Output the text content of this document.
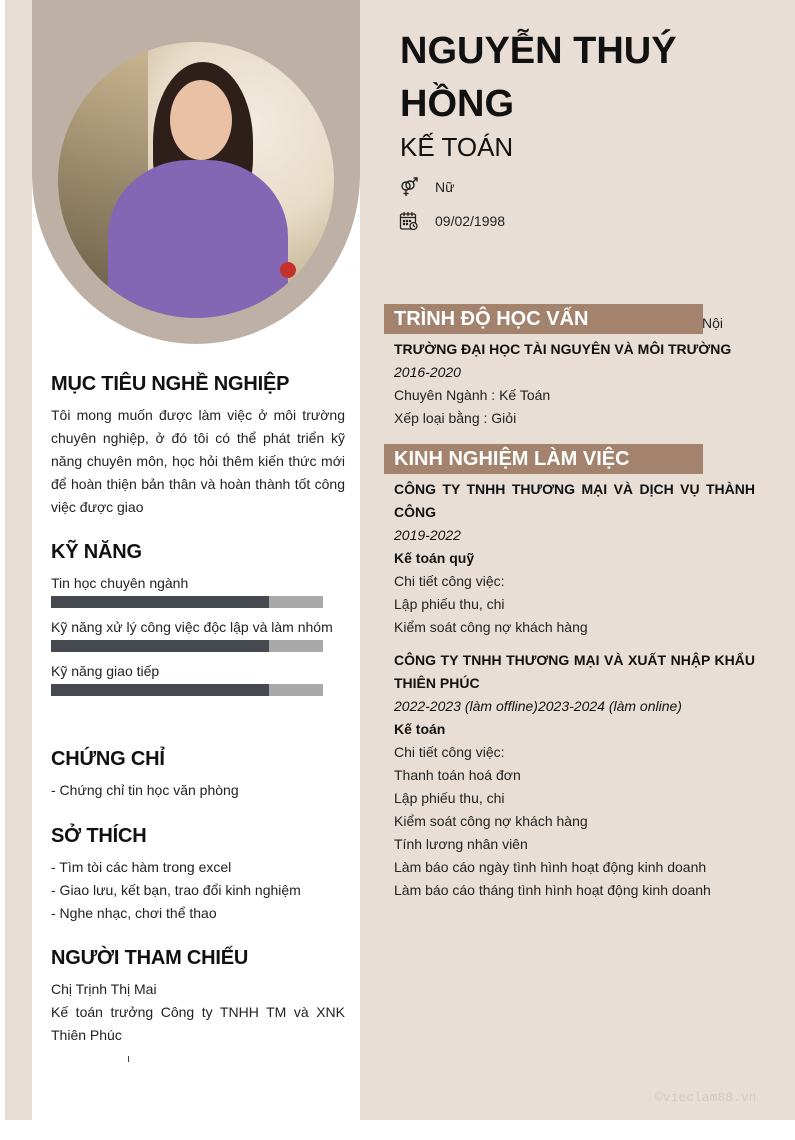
NGUYỄN THUÝ HỒNG
KẾ TOÁN
Nữ
09/02/1998
MỤC TIÊU NGHỀ NGHIỆP
Tôi mong muốn được làm việc ở môi trường chuyên nghiệp, ở đó tôi có thể phát triển kỹ năng chuyên môn, học hỏi thêm kiến thức mới để hoàn thiện bản thân và hoàn thành tốt công việc được giao
KỸ NĂNG
Tin học chuyên ngành
Kỹ năng xử lý công việc độc lập và làm nhóm
Kỹ năng giao tiếp
CHỨNG CHỈ
- Chứng chỉ tin học văn phòng
SỞ THÍCH
- Tìm tòi các hàm trong excel
- Giao lưu, kết bạn, trao đổi kinh nghiệm
- Nghe nhạc, chơi thể thao
NGƯỜI THAM CHIẾU
Chị Trịnh Thị Mai
Kế toán trưởng Công ty TNHH TM và XNK Thiên Phúc
TRÌNH ĐỘ HỌC VẤN	Nội
TRƯỜNG ĐẠI HỌC TÀI NGUYÊN VÀ MÔI TRƯỜNG
2016-2020
Chuyên Ngành : Kế Toán
Xếp loại bằng : Giỏi
KINH NGHIỆM LÀM VIỆC
CÔNG TY TNHH THƯƠNG MẠI VÀ DỊCH VỤ THÀNH CÔNG
2019-2022
Kế toán quỹ
Chi tiết công việc:
Lập phiếu thu, chi
Kiểm soát công nợ khách hàng
CÔNG TY TNHH THƯƠNG MẠI VÀ XUẤT NHẬP KHẨU THIÊN PHÚC
2022-2023 (làm offline)2023-2024 (làm online)
Kế toán
Chi tiết công việc:
Thanh toán hoá đơn
Lập phiếu thu, chi
Kiểm soát công nợ khách hàng
Tính lương nhân viên
Làm báo cáo ngày tình hình hoạt động kinh doanh
Làm báo cáo tháng tình hình hoạt động kinh doanh
©vieclam88.vn
